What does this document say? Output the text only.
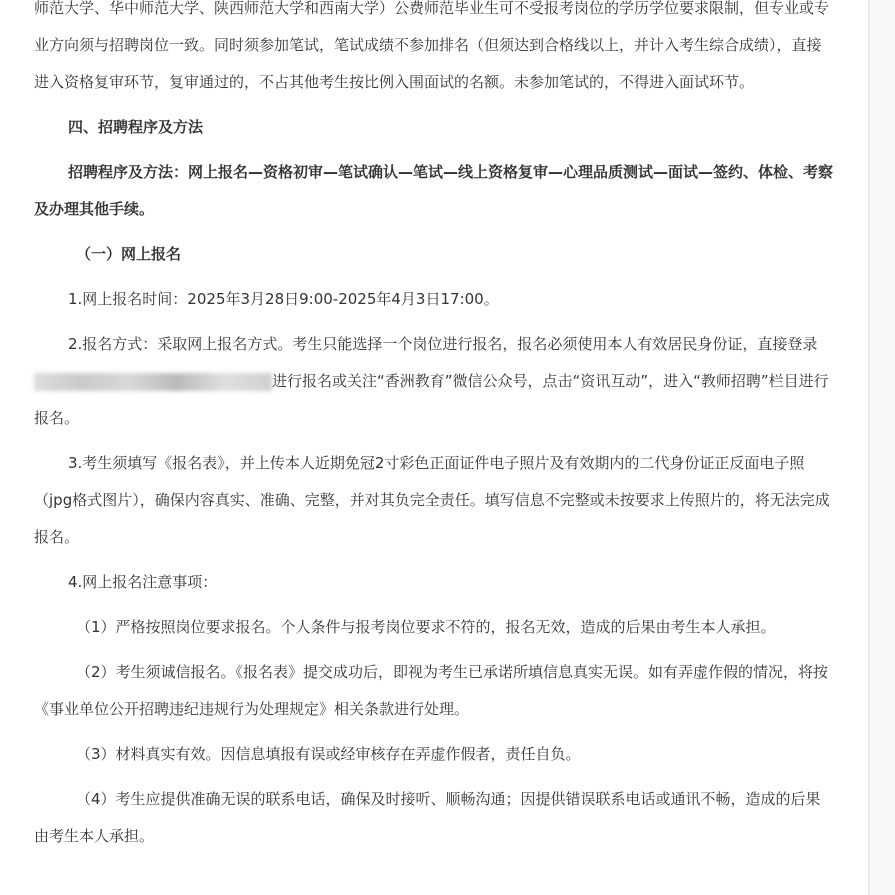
师范大学、华中师范大学、陕西师范大学和西南大学）公费师范毕业生可不受报考岗位的学历学位要求限制，但专业或专业方向须与招聘岗位一致。同时须参加笔试，笔试成绩不参加排名（但须达到合格线以上，并计入考生综合成绩），直接进入资格复审环节，复审通过的，不占其他考生按比例入围面试的名额。未参加笔试的，不得进入面试环节。

四、招聘程序及方法

招聘程序及方法：网上报名—资格初审—笔试确认—笔试—线上资格复审—心理品质测试—面试—签约、体检、考察及办理其他手续。

（一）网上报名

1.网上报名时间：2025年3月28日9:00-2025年4月3日17:00。

2.报名方式：采取网上报名方式。考生只能选择一个岗位进行报名，报名必须使用本人有效居民身份证，直接登录进行报名或关注“香洲教育”微信公众号，点击“资讯互动”，进入“教师招聘”栏目进行报名。

3.考生须填写《报名表》，并上传本人近期免冠2寸彩色正面证件电子照片及有效期内的二代身份证正反面电子照（jpg格式图片），确保内容真实、准确、完整，并对其负完全责任。填写信息不完整或未按要求上传照片的，将无法完成报名。

4.网上报名注意事项：

（1）严格按照岗位要求报名。个人条件与报考岗位要求不符的，报名无效，造成的后果由考生本人承担。

（2）考生须诚信报名。《报名表》提交成功后，即视为考生已承诺所填信息真实无误。如有弄虚作假的情况，将按《事业单位公开招聘违纪违规行为处理规定》相关条款进行处理。

（3）材料真实有效。因信息填报有误或经审核存在弄虚作假者，责任自负。

（4）考生应提供准确无误的联系电话，确保及时接听、顺畅沟通；因提供错误联系电话或通讯不畅，造成的后果由考生本人承担。
